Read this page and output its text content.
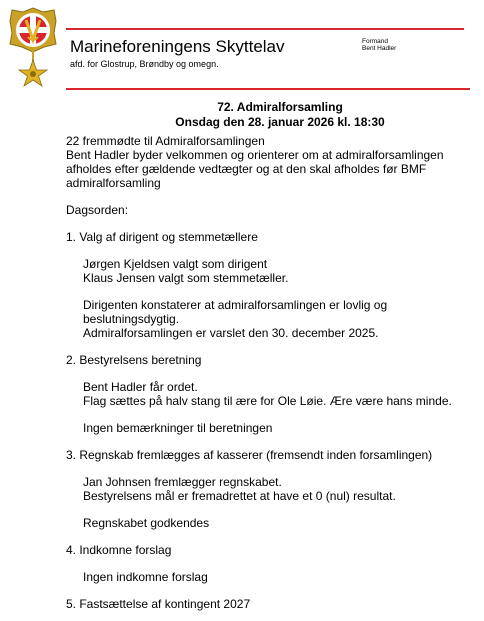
Marineforeningens Skyttelav
afd. for Glostrup, Brøndby og omegn.
Formand
Bent Hadler
72. Admiralforsamling
Onsdag den 28. januar 2026 kl. 18:30

22 fremmødte til Admiralforsamlingen

Bent Hadler byder velkommen og orienterer om at admiralforsamlingen

afholdes efter gældende vedtægter og at den skal afholdes før BMF

admiralforsamling

Dagsorden:

1. Valg af dirigent og stemmetællere

Jørgen Kjeldsen valgt som dirigent

Klaus Jensen valgt som stemmetæller.

Dirigenten konstaterer at admiralforsamlingen er lovlig og

beslutningsdygtig.

Admiralforsamlingen er varslet den 30. december 2025.

2. Bestyrelsens beretning

Bent Hadler får ordet.

Flag sættes på halv stang til ære for Ole Løie. Ære være hans minde.

Ingen bemærkninger til beretningen

3. Regnskab fremlægges af kasserer (fremsendt inden forsamlingen)

Jan Johnsen fremlægger regnskabet.

Bestyrelsens mål er fremadrettet at have et 0 (nul) resultat.

Regnskabet godkendes

4. Indkomne forslag

Ingen indkomne forslag

5. Fastsættelse af kontingent 2027
